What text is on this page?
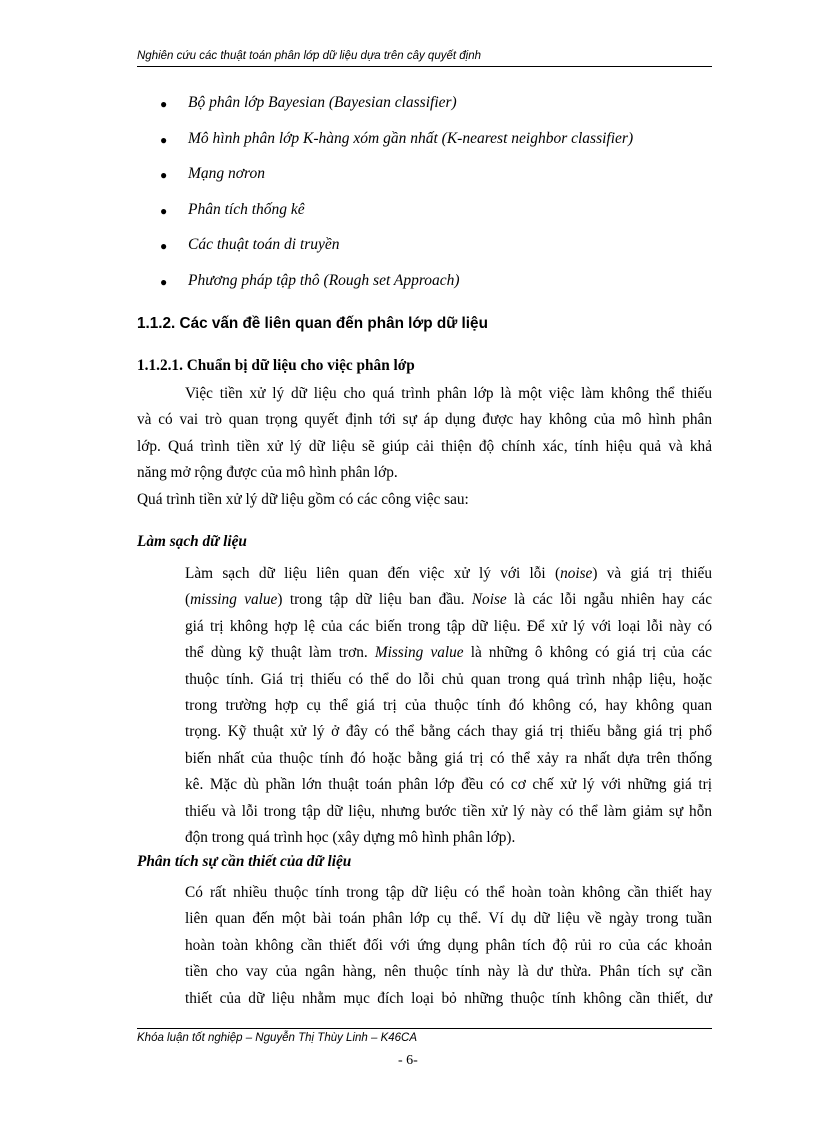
Nghiên cứu các thuật toán phân lớp dữ liệu dựa trên cây quyết định
●	Bộ phân lớp Bayesian (Bayesian classifier)
●	Mô hình phân lớp K-hàng xóm gần nhất (K-nearest neighbor classifier)
●	Mạng nơron
●	Phân tích thống kê
●	Các thuật toán di truyền
●	Phương pháp tập thô (Rough set Approach)
1.1.2. Các vấn đề liên quan đến phân lớp dữ liệu
1.1.2.1. Chuẩn bị dữ liệu cho việc phân lớp
Việc tiền xử lý dữ liệu cho quá trình phân lớp là một việc làm không thể thiếu
và có vai trò quan trọng quyết định tới sự áp dụng được hay không của mô hình phân
lớp. Quá trình tiền xử lý dữ liệu sẽ giúp cải thiện độ chính xác, tính hiệu quả và khả
năng mở rộng được của mô hình phân lớp.
Quá trình tiền xử lý dữ liệu gồm có các công việc sau:
Làm sạch dữ liệu
Làm sạch dữ liệu liên quan đến việc xử lý với lỗi (noise) và giá trị thiếu
(missing value) trong tập dữ liệu ban đầu. Noise là các lỗi ngẫu nhiên hay các
giá trị không hợp lệ của các biến trong tập dữ liệu. Để xử lý với loại lỗi này có
thể dùng kỹ thuật làm trơn. Missing value là những ô không có giá trị của các
thuộc tính. Giá trị thiếu có thể do lỗi chủ quan trong quá trình nhập liệu, hoặc
trong trường hợp cụ thể giá trị của thuộc tính đó không có, hay không quan
trọng. Kỹ thuật xử lý ở đây có thể bằng cách thay giá trị thiếu bằng giá trị phổ
biến nhất của thuộc tính đó hoặc bằng giá trị có thể xảy ra nhất dựa trên thống
kê. Mặc dù phần lớn thuật toán phân lớp đều có cơ chế xử lý với những giá trị
thiếu và lỗi trong tập dữ liệu, nhưng bước tiền xử lý này có thể làm giảm sự hỗn
độn trong quá trình học (xây dựng mô hình phân lớp).
Phân tích sự cần thiết của dữ liệu
Có rất nhiều thuộc tính trong tập dữ liệu có thể hoàn toàn không cần thiết hay
liên quan đến một bài toán phân lớp cụ thể. Ví dụ dữ liệu về ngày trong tuần
hoàn toàn không cần thiết đối với ứng dụng phân tích độ rủi ro của các khoản
tiền cho vay của ngân hàng, nên thuộc tính này là dư thừa. Phân tích sự cần
thiết của dữ liệu nhằm mục đích loại bỏ những thuộc tính không cần thiết, dư
Khóa luận tốt nghiệp – Nguyễn Thị Thùy Linh – K46CA
- 6-
